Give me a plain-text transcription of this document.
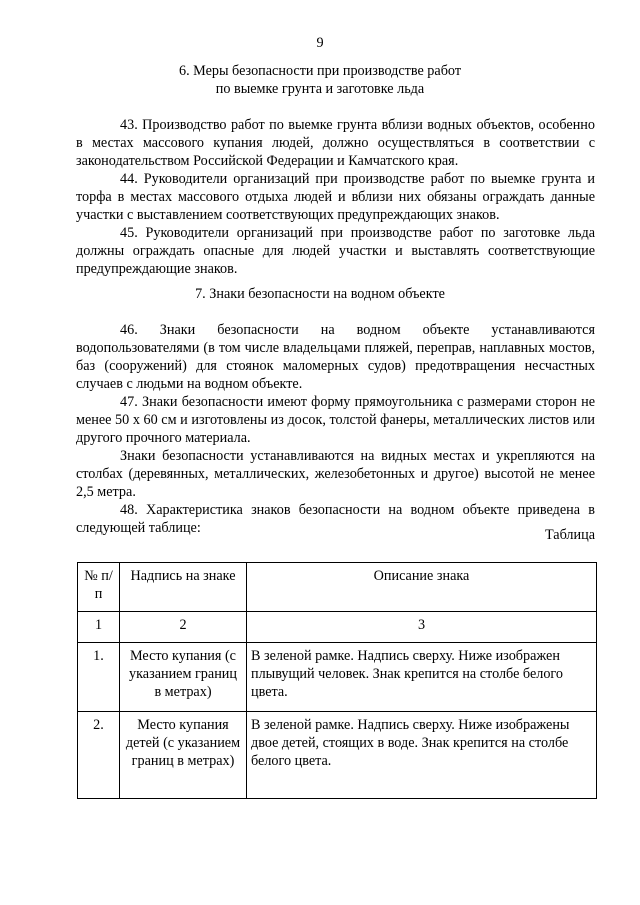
9
6. Меры безопасности при производстве работ
по выемке грунта и заготовке льда

43. Производство работ по выемке грунта вблизи водных объектов, особенно в местах массового купания людей, должно осуществляться в соответствии с законодательством Российской Федерации и Камчатского края.

44. Руководители организаций при производстве работ по выемке грунта и торфа в местах массового отдыха людей и вблизи них обязаны ограждать данные участки с выставлением соответствующих предупреждающих знаков.

45. Руководители организаций при производстве работ по заготовке льда должны ограждать опасные для людей участки и выставлять соответствующие предупреждающие знаков.

7. Знаки безопасности на водном объекте

46. Знаки безопасности на водном объекте устанавливаются водопользователями (в том числе владельцами пляжей, переправ, наплавных мостов, баз (сооружений) для стоянок маломерных судов) предотвращения несчастных случаев с людьми на водном объекте.

47. Знаки безопасности имеют форму прямоугольника с размерами сторон не менее 50 х 60 см и изготовлены из досок, толстой фанеры, металлических листов или другого прочного материала.

Знаки безопасности устанавливаются на видных местах и укрепляются на столбах (деревянных, металлических, железобетонных и другое) высотой не менее 2,5 метра.

48. Характеристика знаков безопасности на водном объекте приведена в следующей таблице:	Таблица
№ п/п	Надпись на знаке	Описание знака
1	2	3
1.	Место купания (с указанием границ в метрах)	В зеленой рамке. Надпись сверху. Ниже изображен плывущий человек. Знак крепится на столбе белого цвета.
2.	Место купания детей (с указанием границ в метрах)	В зеленой рамке. Надпись сверху. Ниже изображены двое детей, стоящих в воде. Знак крепится на столбе белого цвета.
